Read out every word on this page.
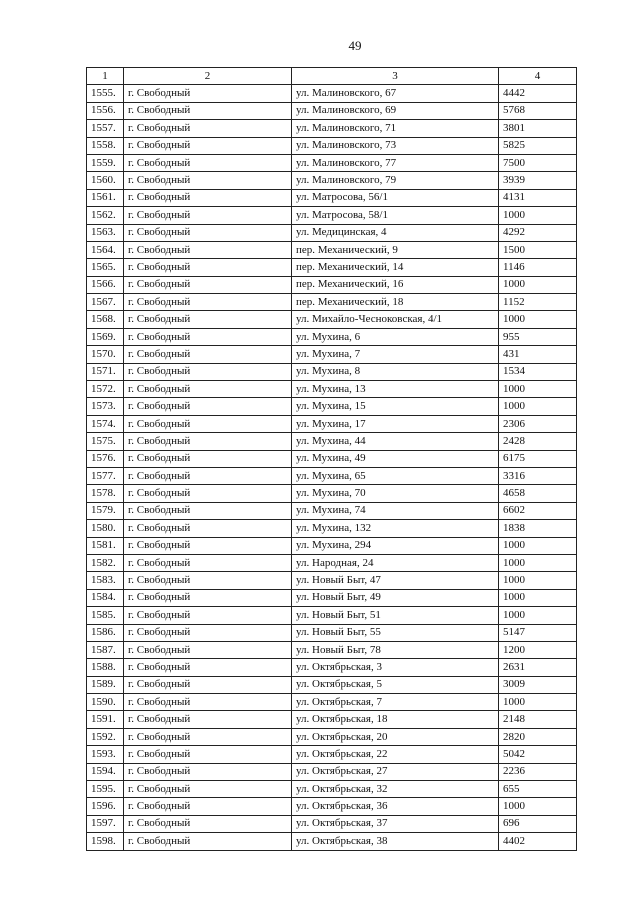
49
1	2	3	4
1555.	г. Свободный	ул. Малиновского, 67	4442
1556.	г. Свободный	ул. Малиновского, 69	5768
1557.	г. Свободный	ул. Малиновского, 71	3801
1558.	г. Свободный	ул. Малиновского, 73	5825
1559.	г. Свободный	ул. Малиновского, 77	7500
1560.	г. Свободный	ул. Малиновского, 79	3939
1561.	г. Свободный	ул. Матросова, 56/1	4131
1562.	г. Свободный	ул. Матросова, 58/1	1000
1563.	г. Свободный	ул. Медицинская, 4	4292
1564.	г. Свободный	пер. Механический, 9	1500
1565.	г. Свободный	пер. Механический, 14	1146
1566.	г. Свободный	пер. Механический, 16	1000
1567.	г. Свободный	пер. Механический, 18	1152
1568.	г. Свободный	ул. Михайло-Чесноковская, 4/1	1000
1569.	г. Свободный	ул. Мухина, 6	955
1570.	г. Свободный	ул. Мухина, 7	431
1571.	г. Свободный	ул. Мухина, 8	1534
1572.	г. Свободный	ул. Мухина, 13	1000
1573.	г. Свободный	ул. Мухина, 15	1000
1574.	г. Свободный	ул. Мухина, 17	2306
1575.	г. Свободный	ул. Мухина, 44	2428
1576.	г. Свободный	ул. Мухина, 49	6175
1577.	г. Свободный	ул. Мухина, 65	3316
1578.	г. Свободный	ул. Мухина, 70	4658
1579.	г. Свободный	ул. Мухина, 74	6602
1580.	г. Свободный	ул. Мухина, 132	1838
1581.	г. Свободный	ул. Мухина, 294	1000
1582.	г. Свободный	ул. Народная, 24	1000
1583.	г. Свободный	ул. Новый Быт, 47	1000
1584.	г. Свободный	ул. Новый Быт, 49	1000
1585.	г. Свободный	ул. Новый Быт, 51	1000
1586.	г. Свободный	ул. Новый Быт, 55	5147
1587.	г. Свободный	ул. Новый Быт, 78	1200
1588.	г. Свободный	ул. Октябрьская, 3	2631
1589.	г. Свободный	ул. Октябрьская, 5	3009
1590.	г. Свободный	ул. Октябрьская, 7	1000
1591.	г. Свободный	ул. Октябрьская, 18	2148
1592.	г. Свободный	ул. Октябрьская, 20	2820
1593.	г. Свободный	ул. Октябрьская, 22	5042
1594.	г. Свободный	ул. Октябрьская, 27	2236
1595.	г. Свободный	ул. Октябрьская, 32	655
1596.	г. Свободный	ул. Октябрьская, 36	1000
1597.	г. Свободный	ул. Октябрьская, 37	696
1598.	г. Свободный	ул. Октябрьская, 38	4402
